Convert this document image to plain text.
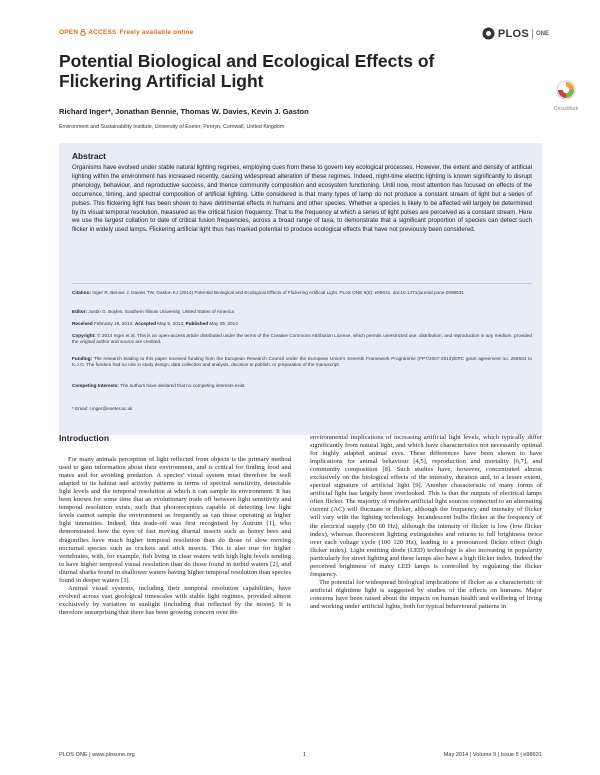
OPEN ACCESS Freely available online	PLOS ONE
Potential Biological and Ecological Effects of Flickering Artificial Light
CrossMark
Richard Inger*, Jonathan Bennie, Thomas W. Davies, Kevin J. Gaston
Environment and Sustainability Institute, University of Exeter, Penryn, Cornwall, United Kingdom
Abstract

Organisms have evolved under stable natural lighting regimes, employing cues from these to govern key ecological processes. However, the extent and density of artificial lighting within the environment has increased recently, causing widespread alteration of these regimes. Indeed, night-time electric lighting is known significantly to disrupt phenology, behaviour, and reproductive success, and thence community composition and ecosystem functioning. Until now, most attention has focused on effects of the occurrence, timing, and spectral composition of artificial lighting. Little considered is that many types of lamp do not produce a constant stream of light but a series of pulses. This flickering light has been shown to have detrimental effects in humans and other species. Whether a species is likely to be affected will largely be determined by its visual temporal resolution, measured as the critical fusion frequency. That is the frequency at which a series of light pulses are perceived as a constant stream. Here we use the largest collation to date of critical fusion frequencies, across a broad range of taxa, to demonstrate that a significant proportion of species can detect such flicker in widely used lamps. Flickering artificial light thus has marked potential to produce ecological effects that have not previously been considered.

Citation: Inger R, Bennie J, Davies TW, Gaston KJ (2014) Potential Biological and Ecological Effects of Flickering Artificial Light. PLoS ONE 9(5): e98631. doi:10.1371/journal.pone.0098631

Editor: Justin G. Boyles, Southern Illinois University, United States of America

Received February 18, 2014; Accepted May 5, 2014; Published May 29, 2014

Copyright: © 2014 Inger et al. This is an open-access article distributed under the terms of the Creative Commons Attribution License, which permits unrestricted use, distribution, and reproduction in any medium, provided the original author and source are credited.

Funding: The research leading to this paper received funding from the European Research Council under the European Union's Seventh Framework Programme (FP7/2007-2013)/ERC grant agreement no. 268504 to K.J.G. The funders had no role in study design, data collection and analysis, decision to publish, or preparation of the manuscript.

Competing Interests: The authors have declared that no competing interests exist.

* Email: r.inger@exeter.ac.uk

Introduction

For many animals perception of light reflected from objects is the primary method used to gain information about their environment, and is critical for finding food and mates and for avoiding predation. A species' visual system must therefore be well adapted to its habitat and activity patterns in terms of spectral sensitivity, detectable light levels and the temporal resolution at which it can sample its environment. It has been known for some time that an evolutionary trade off between light sensitivity and temporal resolution exists, such that photoreceptors capable of detecting low light levels cannot sample the environment as frequently as can those operating at higher light intensities. Indeed, this trade-off was first recognised by Autrum [1], who demonstrated how the eyes of fast moving diurnal insects such as honey bees and dragonflies have much higher temporal resolution than do those of slow moving nocturnal species such as crickets and stick insects. This is also true for higher vertebrates, with, for example, fish living in clear waters with high light levels tending to have higher temporal visual resolution than do those found in turbid waters [2], and diurnal sharks found in shallower waters having higher temporal resolution than species found in deeper waters [3].

Animal visual systems, including their temporal resolution capabilities, have evolved across vast geological timescales with stable light regimes, provided almost exclusively by variation in sunlight (including that reflected by the moon). It is therefore unsurprising that there has been growing concern over the

environmental implications of increasing artificial light levels, which typically differ significantly from natural light, and which have characteristics not necessarily optimal for highly adapted animal eyes. These differences have been shown to have implications for animal behaviour [4,5], reproduction and mortality [6,7], and community composition [8]. Such studies have, however, concentrated almost exclusively on the biological effects of the intensity, duration and, to a lesser extent, spectral signature of artificial light [9]. Another characteristic of many forms of artificial light has largely been overlooked. This is that the outputs of electrical lamps often flicker. The majority of modern artificial light sources connected to an alternating current (AC) will fluctuate or flicker, although the frequency and intensity of flicker will vary with the lighting technology. Incandescent bulbs flicker at the frequency of the electrical supply (50 60 Hz), although the intensity of flicker is low (low flicker index), whereas fluorescent lighting extinguishes and returns to full brightness twice over each voltage cycle (100 120 Hz), leading to a pronounced flicker effect (high flicker index). Light emitting diode (LED) technology is also increasing in popularity particularly for street lighting and these lamps also have a high flicker index. Indeed the perceived brightness of many LED lamps is controlled by regulating the flicker frequency.

The potential for widespread biological implications of flicker as a characteristic of artificial nighttime light is suggested by studies of the effects on humans. Major concerns have been raised about the impacts on human health and wellbeing of living and working under artificial lights, both for typical behavioural patterns in

PLOS ONE | www.plosone.org	1	May 2014 | Volume 9 | Issue 5 | e98631
